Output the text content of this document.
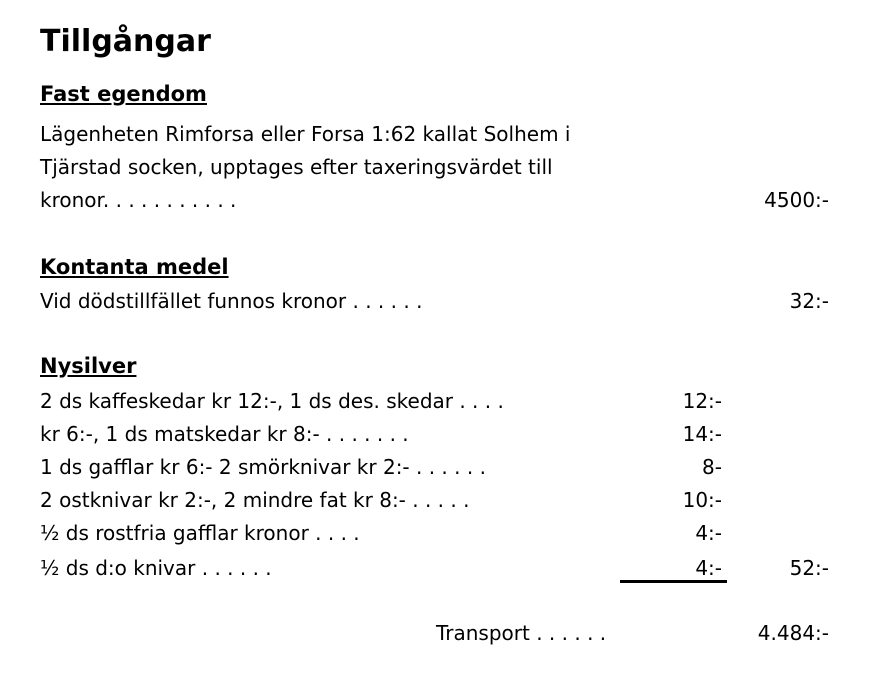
Tillgångar
Fast egendom
Lägenheten Rimforsa eller Forsa 1:62 kallat Solhem i
Tjärstad socken, upptages efter taxeringsvärdet till
kronor. . . . . . . . . . .	4500:-
Kontanta medel
Vid dödstillfället funnos kronor . . . . . .	32:-
Nysilver
2 ds kaffeskedar kr 12:-, 1 ds des. skedar . . . .	12:-
kr 6:-, 1 ds matskedar kr 8:- . . . . . . .	14:-
1 ds gafflar kr 6:- 2 smörknivar kr 2:- . . . . . .	8-
2 ostknivar kr 2:-, 2 mindre fat kr 8:- . . . . .	10:-
½ ds rostfria gafflar kronor . . . .	4:-
½ ds d:o knivar . . . . . .	4:-	52:-
Transport . . . . . .	4.484:-
